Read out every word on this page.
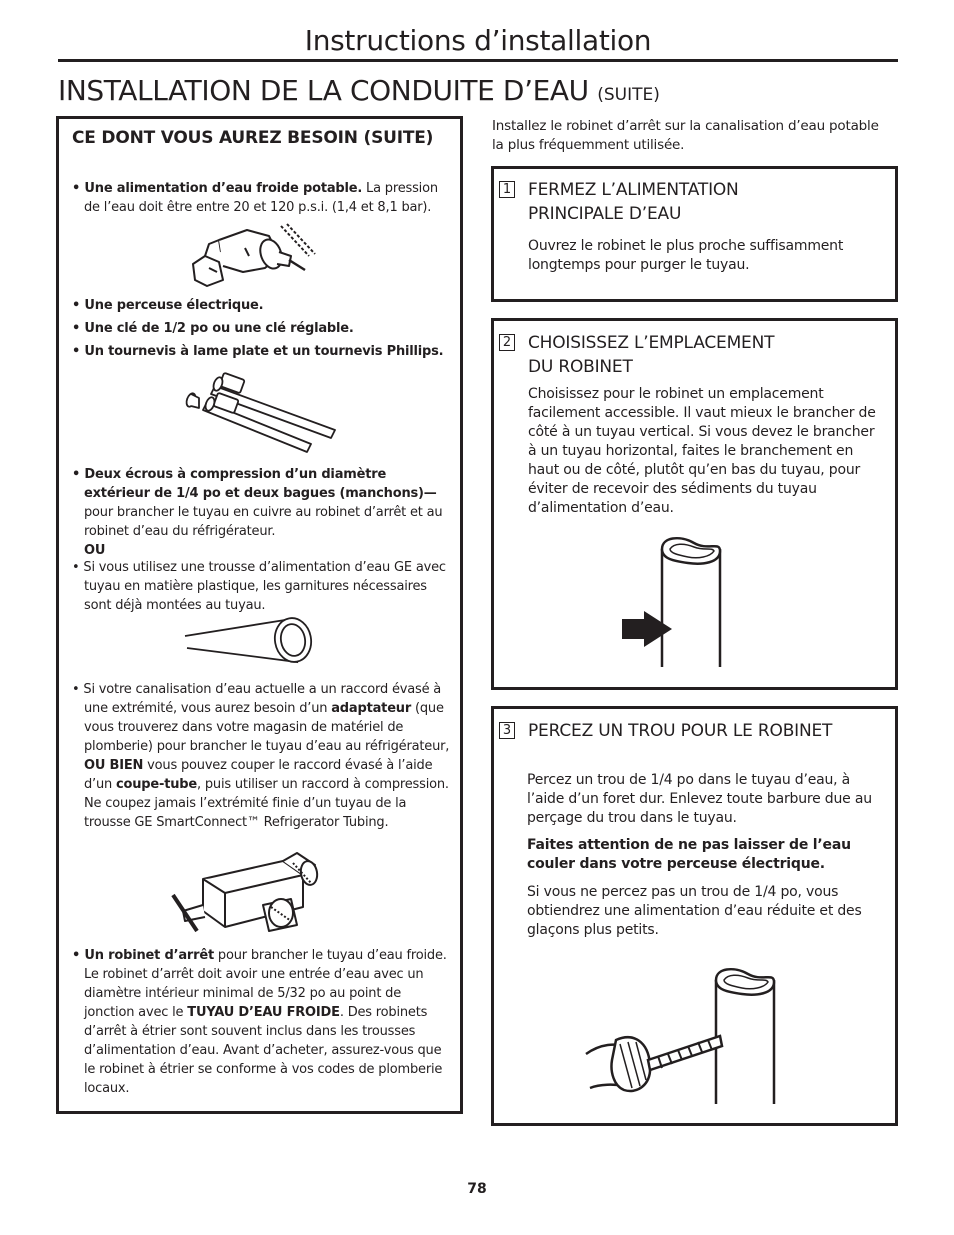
Instructions d’installation
INSTALLATION DE LA CONDUITE D’EAU (SUITE)
CE DONT VOUS AUREZ BESOIN (SUITE)
• Une alimentation d’eau froide potable. La pression de l’eau doit être entre 20 et 120 p.s.i. (1,4 et 8,1 bar).
• Une perceuse électrique.
• Une clé de 1/2 po ou une clé réglable.
• Un tournevis à lame plate et un tournevis Phillips.
• Deux écrous à compression d’un diamètre extérieur de 1/4 po et deux bagues (manchons)—pour brancher le tuyau en cuivre au robinet d’arrêt et au robinet d’eau du réfrigérateur.
OU
• Si vous utilisez une trousse d’alimentation d’eau GE avec tuyau en matière plastique, les garnitures nécessaires sont déjà montées au tuyau.
• Si votre canalisation d’eau actuelle a un raccord évasé à une extrémité, vous aurez besoin d’un adaptateur (que vous trouverez dans votre magasin de matériel de plomberie) pour brancher le tuyau d’eau au réfrigérateur, OU BIEN vous pouvez couper le raccord évasé à l’aide d’un coupe-tube, puis utiliser un raccord à compression. Ne coupez jamais l’extrémité finie d’un tuyau de la trousse GE SmartConnect™ Refrigerator Tubing.
• Un robinet d’arrêt pour brancher le tuyau d’eau froide. Le robinet d’arrêt doit avoir une entrée d’eau avec un diamètre intérieur minimal de 5/32 po au point de jonction avec le TUYAU D’EAU FROIDE. Des robinets d’arrêt à étrier sont souvent inclus dans les trousses d’alimentation d’eau. Avant d’acheter, assurez-vous que le robinet à étrier se conforme à vos codes de plomberie locaux.
Installez le robinet d’arrêt sur la canalisation d’eau potable la plus fréquemment utilisée.
1 FERMEZ L’ALIMENTATION
PRINCIPALE D’EAU
Ouvrez le robinet le plus proche suffisamment longtemps pour purger le tuyau.
2 CHOISISSEZ L’EMPLACEMENT
DU ROBINET
Choisissez pour le robinet un emplacement facilement accessible. Il vaut mieux le brancher de côté à un tuyau vertical. Si vous devez le brancher à un tuyau horizontal, faites le branchement en haut ou de côté, plutôt qu’en bas du tuyau, pour éviter de recevoir des sédiments du tuyau d’alimentation d’eau.
3 PERCEZ UN TROU POUR LE ROBINET
Percez un trou de 1/4 po dans le tuyau d’eau, à l’aide d’un foret dur. Enlevez toute barbure due au perçage du trou dans le tuyau.
Faites attention de ne pas laisser de l’eau couler dans votre perceuse électrique.
Si vous ne percez pas un trou de 1/4 po, vous obtiendrez une alimentation d’eau réduite et des glaçons plus petits.
78
